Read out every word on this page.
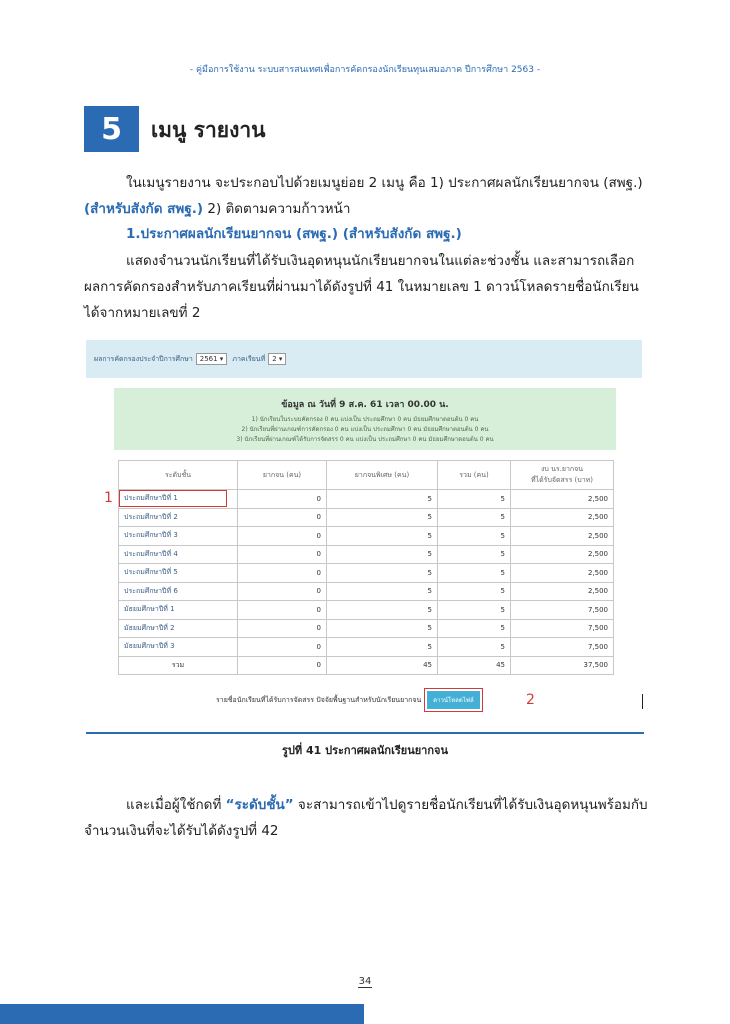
- คู่มือการใช้งาน ระบบสารสนเทศเพื่อการคัดกรองนักเรียนทุนเสมอภาค ปีการศึกษา 2563 -
5	เมนู รายงาน
ในเมนูรายงาน จะประกอบไปด้วยเมนูย่อย 2 เมนู คือ 1) ประกาศผลนักเรียนยากจน (สพฐ.)
(สำหรับสังกัด สพฐ.) 2) ติดตามความก้าวหน้า
1.ประกาศผลนักเรียนยากจน (สพฐ.) (สำหรับสังกัด สพฐ.)
แสดงจำนวนนักเรียนที่ได้รับเงินอุดหนุนนักเรียนยากจนในแต่ละช่วงชั้น และสามารถเลือกผลการคัดกรองสำหรับภาคเรียนที่ผ่านมาได้ดังรูปที่ 41 ในหมายเลข 1 ดาวน์โหลดรายชื่อนักเรียนได้จากหมายเลขที่ 2
ผลการคัดกรองประจำปีการศึกษา	2561 ▾	ภาคเรียนที่	2 ▾
ข้อมูล ณ วันที่ 9 ส.ค. 61 เวลา 00.00 น.
1) นักเรียนในระบบคัดกรอง 0 คน แบ่งเป็น ประถมศึกษา 0 คน มัธยมศึกษาตอนต้น 0 คน
2) นักเรียนที่ผ่านเกณฑ์การคัดกรอง 0 คน แบ่งเป็น ประถมศึกษา 0 คน มัธยมศึกษาตอนต้น 0 คน
3) นักเรียนที่ผ่านเกณฑ์ได้รับการจัดสรร 0 คน แบ่งเป็น ประถมศึกษา 0 คน มัธยมศึกษาตอนต้น 0 คน
ระดับชั้น	ยากจน (คน)	ยากจนพิเศษ (คน)	รวม (คน)	งบ นร.ยากจน
ที่ได้รับจัดสรร (บาท)
ประถมศึกษาปีที่ 1	0	5	5	2,500
ประถมศึกษาปีที่ 2	0	5	5	2,500
ประถมศึกษาปีที่ 3	0	5	5	2,500
ประถมศึกษาปีที่ 4	0	5	5	2,500
ประถมศึกษาปีที่ 5	0	5	5	2,500
ประถมศึกษาปีที่ 6	0	5	5	2,500
มัธยมศึกษาปีที่ 1	0	5	5	7,500
มัธยมศึกษาปีที่ 2	0	5	5	7,500
มัธยมศึกษาปีที่ 3	0	5	5	7,500
รวม	0	45	45	37,500
1
รายชื่อนักเรียนที่ได้รับการจัดสรร ปัจจัยพื้นฐานสำหรับนักเรียนยากจน	ดาวน์โหลดไฟล์	2
รูปที่ 41 ประกาศผลนักเรียนยากจน
และเมื่อผู้ใช้กดที่ “ระดับชั้น” จะสามารถเข้าไปดูรายชื่อนักเรียนที่ได้รับเงินอุดหนุนพร้อมกับจำนวนเงินที่จะได้รับได้ดังรูปที่ 42
34
